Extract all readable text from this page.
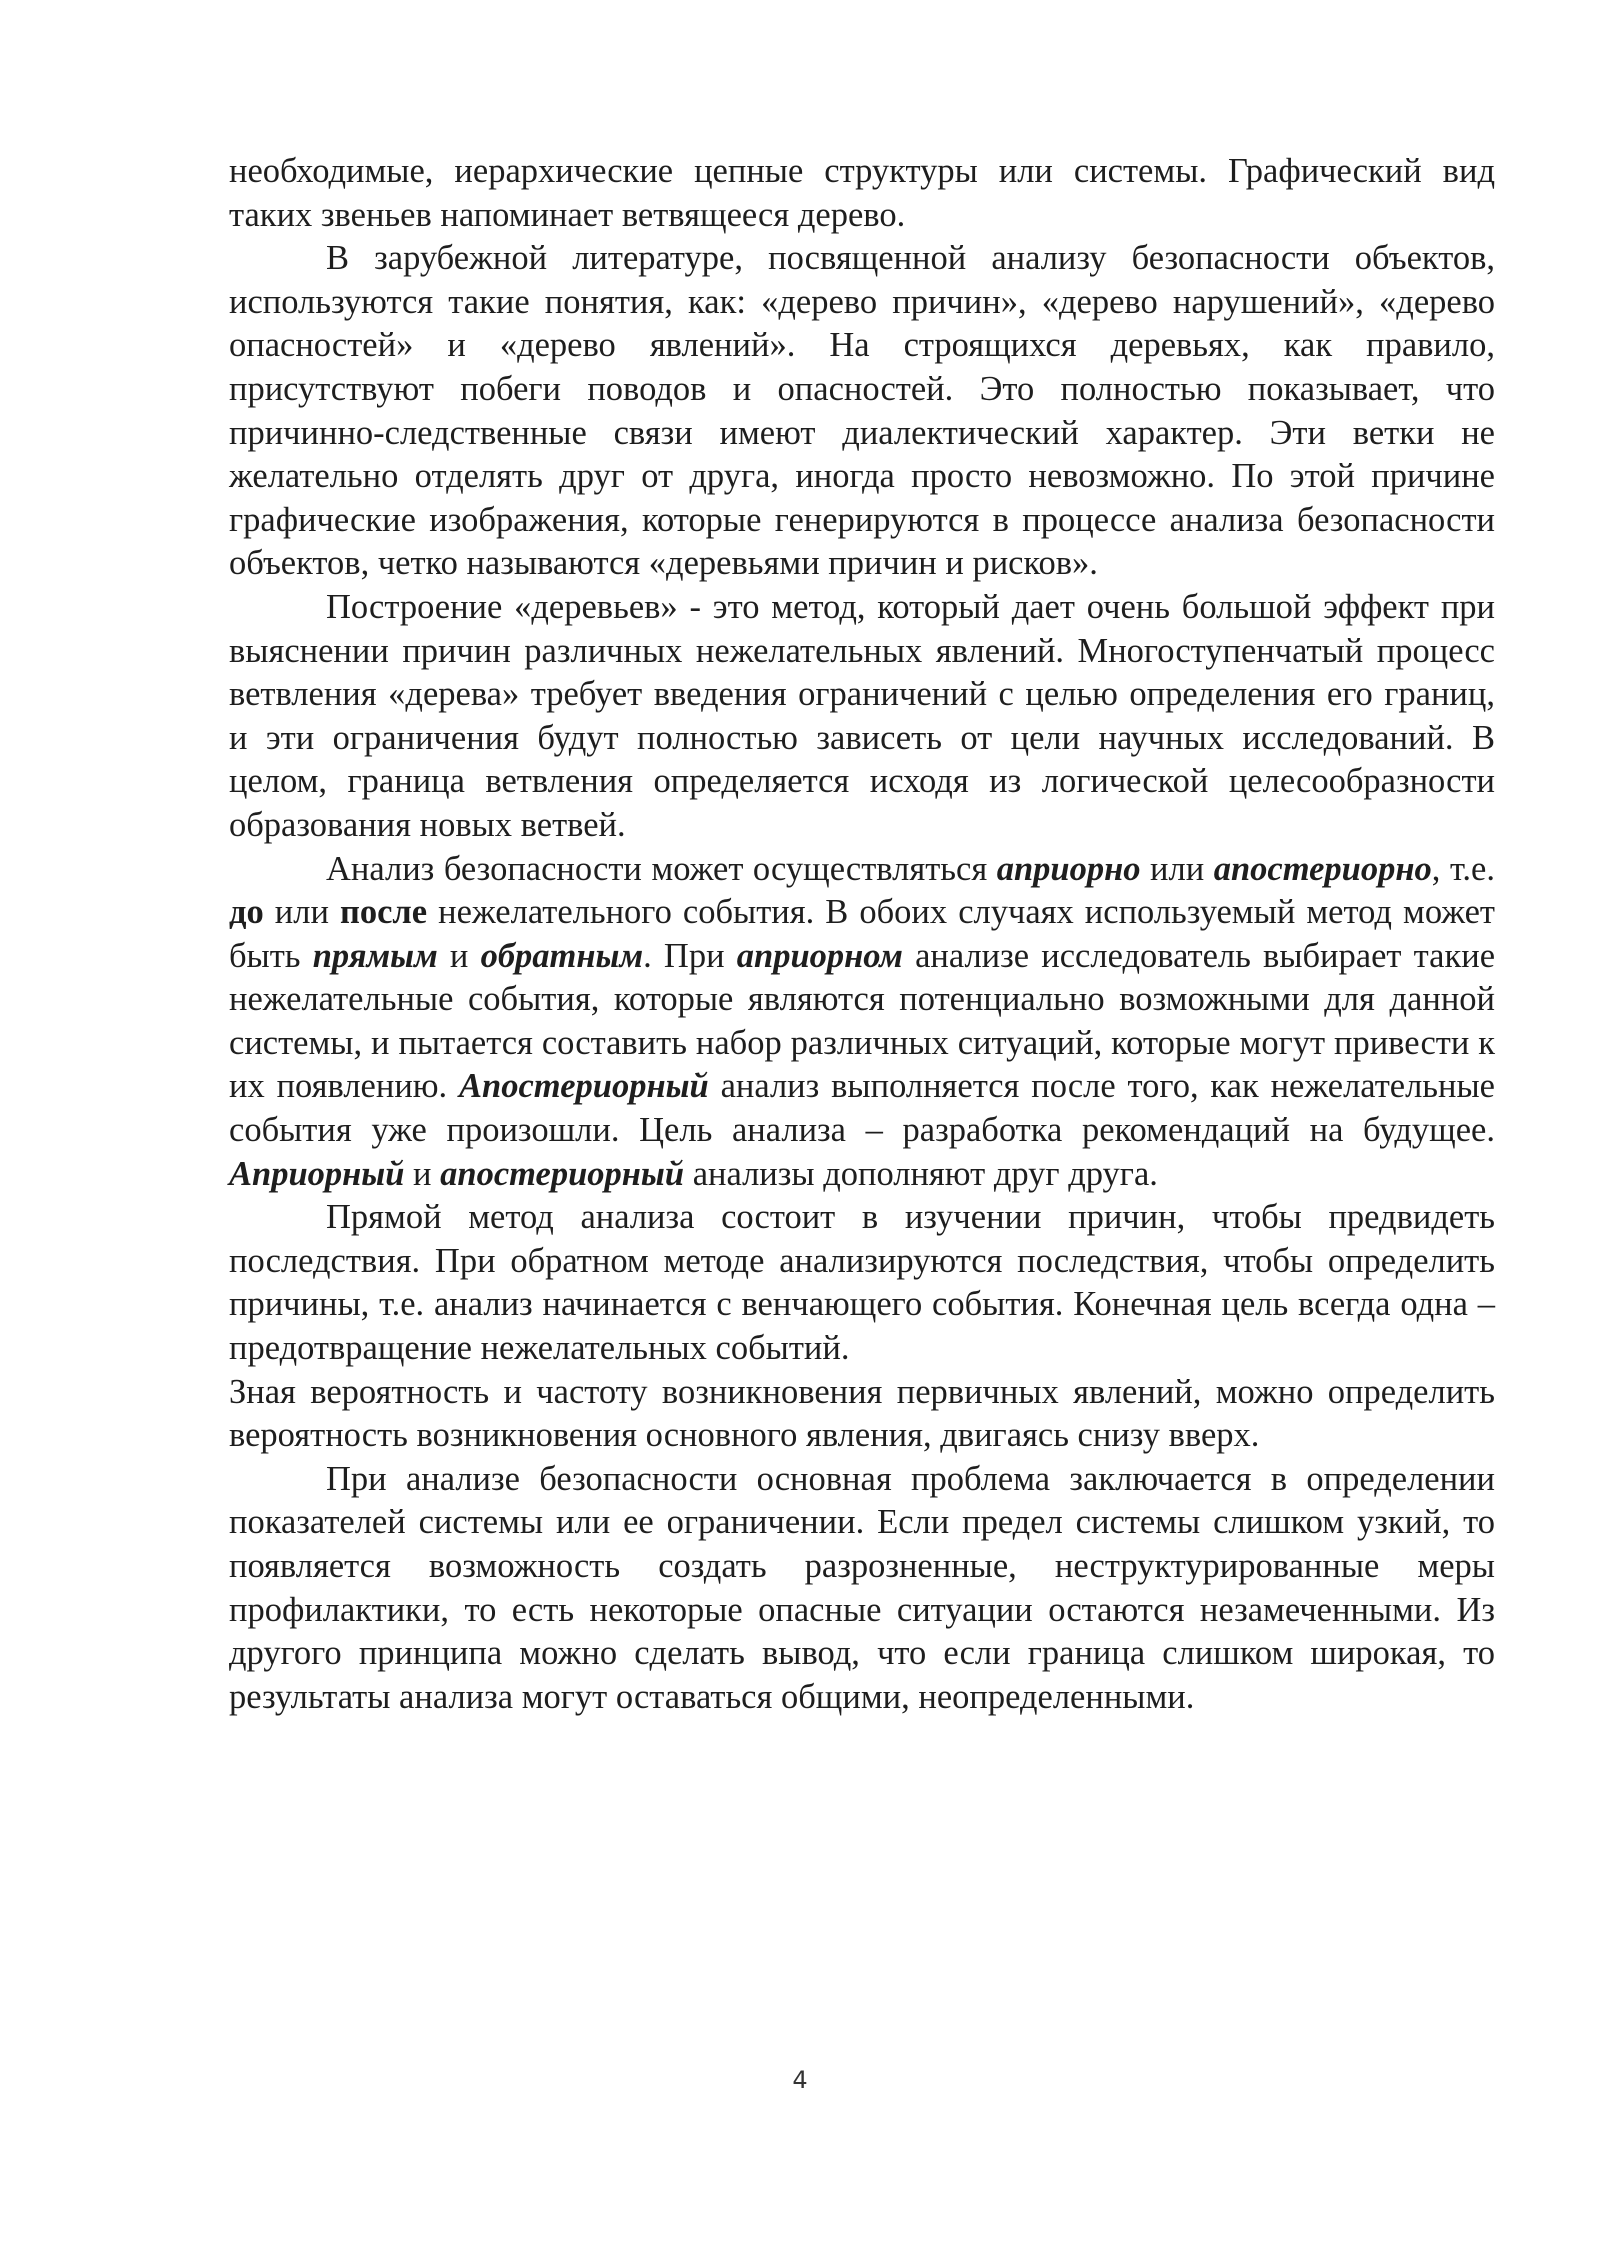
необходимые, иерархические цепные структуры или системы. Графический вид таких звеньев напоминает ветвящееся дерево.

В зарубежной литературе, посвященной анализу безопасности объектов, используются такие понятия, как: «дерево причин», «дерево нарушений», «дерево опасностей» и «дерево явлений». На строящихся деревьях, как правило, присутствуют побеги поводов и опасностей. Это полностью показывает, что причинно-следственные связи имеют диалектический характер. Эти ветки не желательно отделять друг от друга, иногда просто невозможно. По этой причине графические изображения, которые генерируются в процессе анализа безопасности объектов, четко называются «деревьями причин и рисков».

Построение «деревьев» - это метод, который дает очень большой эффект при выяснении причин различных нежелательных явлений. Многоступенчатый процесс ветвления «дерева» требует введения ограничений с целью определения его границ, и эти ограничения будут полностью зависеть от цели научных исследований. В целом, граница ветвления определяется исходя из логической целесообразности образования новых ветвей.

Анализ безопасности может осуществляться априорно или апостериорно, т.е. до или после нежелательного события. В обоих случаях используемый метод может быть прямым и обратным. При априорном анализе исследователь выбирает такие нежелательные события, которые являются потенциально возможными для данной системы, и пытается составить набор различных ситуаций, которые могут привести к их появлению. Апостериорный анализ выполняется после того, как нежелательные события уже произошли. Цель анализа – разработка рекомендаций на будущее. Априорный и апостериорный анализы дополняют друг друга.

Прямой метод анализа состоит в изучении причин, чтобы предвидеть последствия. При обратном методе анализируются последствия, чтобы определить причины, т.е. анализ начинается с венчающего события. Конечная цель всегда одна – предотвращение нежелательных событий.

Зная вероятность и частоту возникновения первичных явлений, можно определить вероятность возникновения основного явления, двигаясь снизу вверх.

При анализе безопасности основная проблема заключается в определении показателей системы или ее ограничении. Если предел системы слишком узкий, то появляется возможность создать разрозненные, неструктурированные меры профилактики, то есть некоторые опасные ситуации остаются незамеченными. Из другого принципа можно сделать вывод, что если граница слишком широкая, то результаты анализа могут оставаться общими, неопределенными.

4
